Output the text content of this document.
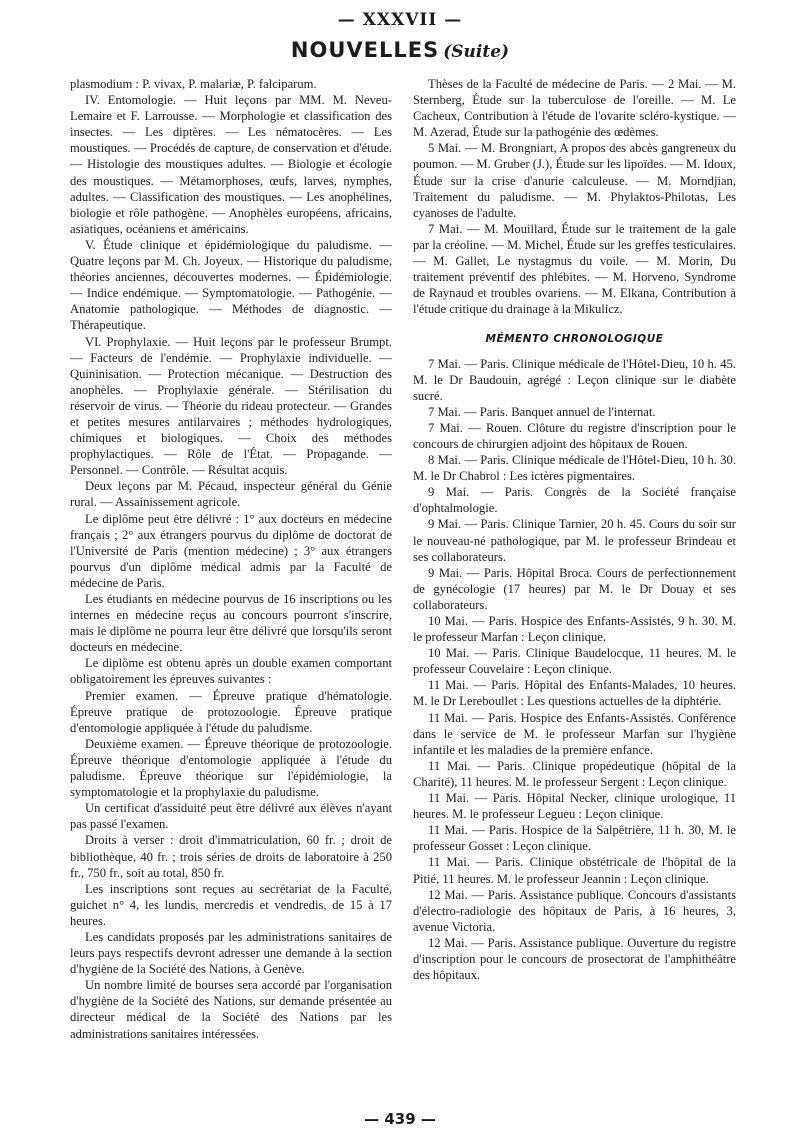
— XXXVII —
NOUVELLES (Suite)

plasmodium : P. vivax, P. malariæ, P. falciparum.

IV. Entomologie. — Huit leçons par MM. M. Neveu-Lemaire et F. Larrousse. — Morphologie et classification des insectes. — Les diptères. — Les nématocères. — Les moustiques. — Procédés de capture, de conservation et d'étude. — Histologie des moustiques adultes. — Biologie et écologie des moustiques. — Métamorphoses, œufs, larves, nymphes, adultes. — Classification des moustiques. — Les anophélines, biologie et rôle pathogène. — Anophèles européens, africains, asiatiques, océaniens et américains.

V. Étude clinique et épidémiologique du paludisme. — Quatre leçons par M. Ch. Joyeux. — Historique du paludisme, théories anciennes, découvertes modernes. — Épidémiologie. — Indice endémique. — Symptomatologie. — Pathogénie. — Anatomie pathologique. — Méthodes de diagnostic. — Thérapeutique.

VI. Prophylaxie. — Huit leçons par le professeur Brumpt. — Facteurs de l'endémie. — Prophylaxie individuelle. — Quininisation. — Protection mécanique. — Destruction des anophèles. — Prophylaxie générale. — Stérilisation du réservoir de virus. — Théorie du rideau protecteur. — Grandes et petites mesures antilarvaires ; méthodes hydrologiques, chimiques et biologiques. — Choix des méthodes prophylactiques. — Rôle de l'État. — Propagande. — Personnel. — Contrôle. — Résultat acquis.

Deux leçons par M. Pécaud, inspecteur général du Génie rural. — Assainissement agricole.

Le diplôme peut être délivré : 1° aux docteurs en médecine français ; 2° aux étrangers pourvus du diplôme de doctorat de l'Université de Paris (mention médecine) ; 3° aux étrangers pourvus d'un diplôme médical admis par la Faculté de médecine de Paris.

Les étudiants en médecine pourvus de 16 inscriptions ou les internes en médecine reçus au concours pourront s'inscrire, mais le diplôme ne pourra leur être délivré que lorsqu'ils seront docteurs en médecine.

Le diplôme est obtenu après un double examen comportant obligatoirement les épreuves suivantes :

Premier examen. — Épreuve pratique d'hématologie. Épreuve pratique de protozoologie. Épreuve pratique d'entomologie appliquée à l'étude du paludisme.

Deuxième examen. — Épreuve théorique de protozoologie. Épreuve théorique d'entomologie appliquée à l'étude du paludisme. Épreuve théorique sur l'épidémiologie, la symptomatologie et la prophylaxie du paludisme.

Un certificat d'assiduité peut être délivré aux élèves n'ayant pas passé l'examen.

Droits à verser : droit d'immatriculation, 60 fr. ; droit de bibliothèque, 40 fr. ; trois séries de droits de laboratoire à 250 fr., 750 fr., soit au total, 850 fr.

Les inscriptions sont reçues au secrétariat de la Faculté, guichet n° 4, les lundis, mercredis et vendredis, de 15 à 17 heures.

Les candidats proposés par les administrations sanitaires de leurs pays respectifs devront adresser une demande à la section d'hygiène de la Société des Nations, à Genève.

Un nombre limité de bourses sera accordé par l'organisation d'hygiène de la Société des Nations, sur demande présentée au directeur médical de la Société des Nations par les administrations sanitaires intéressées.

Thèses de la Faculté de médecine de Paris. — 2 Mai. — M. Sternberg, Étude sur la tuberculose de l'oreille. — M. Le Cacheux, Contribution à l'étude de l'ovarite scléro-kystique. — M. Azerad, Étude sur la pathogénie des œdèmes.

5 Mai. — M. Brongniart, A propos des abcès gangreneux du poumon. — M. Gruber (J.), Étude sur les lipoïdes. — M. Idoux, Étude sur la crise d'anurie calculeuse. — M. Morndjian, Traitement du paludisme. — M. Phylaktos-Philotas, Les cyanoses de l'adulte.

7 Mai. — M. Mouillard, Étude sur le traitement de la gale par la créoline. — M. Michel, Étude sur les greffes testiculaires. — M. Gallet, Le nystagmus du voile. — M. Morin, Du traitement préventif des phlébites. — M. Horveno, Syndrome de Raynaud et troubles ovariens. — M. Elkana, Contribution à l'étude critique du drainage à la Mikulicz.

MÉMENTO CHRONOLOGIQUE

7 Mai. — Paris. Clinique médicale de l'Hôtel-Dieu, 10 h. 45. M. le Dr Baudouin, agrégé : Leçon clinique sur le diabète sucré.

7 Mai. — Paris. Banquet annuel de l'internat.

7 Mai. — Rouen. Clôture du registre d'inscription pour le concours de chirurgien adjoint des hôpitaux de Rouen.

8 Mai. — Paris. Clinique médicale de l'Hôtel-Dieu, 10 h. 30. M. le Dr Chabrol : Les ictères pigmentaires.

9 Mai. — Paris. Congrès de la Société française d'ophtalmologie.

9 Mai. — Paris. Clinique Tarnier, 20 h. 45. Cours du soir sur le nouveau-né pathologique, par M. le professeur Brindeau et ses collaborateurs.

9 Mai. — Paris. Hôpital Broca. Cours de perfectionnement de gynécologie (17 heures) par M. le Dr Douay et ses collaborateurs.

10 Mai. — Paris. Hospice des Enfants-Assistés, 9 h. 30. M. le professeur Marfan : Leçon clinique.

10 Mai. — Paris. Clinique Baudelocque, 11 heures. M. le professeur Couvelaire : Leçon clinique.

11 Mai. — Paris. Hôpital des Enfants-Malades, 10 heures. M. le Dr Lereboullet : Les questions actuelles de la diphtérie.

11 Mai. — Paris. Hospice des Enfants-Assistés. Conférence dans le service de M. le professeur Marfan sur l'hygiène infantile et les maladies de la première enfance.

11 Mai. — Paris. Clinique propédeutique (hôpital de la Charité), 11 heures. M. le professeur Sergent : Leçon clinique.

11 Mai. — Paris. Hôpital Necker, clinique urologique, 11 heures. M. le professeur Legueu : Leçon clinique.

11 Mai. — Paris. Hospice de la Salpêtrière, 11 h. 30, M. le professeur Gosset : Leçon clinique.

11 Mai. — Paris. Clinique obstétricale de l'hôpital de la Pitié, 11 heures. M. le professeur Jeannin : Leçon clinique.

12 Mai. — Paris. Assistance publique. Concours d'assistants d'électro-radiologie des hôpitaux de Paris, à 16 heures, 3, avenue Victoria.

12 Mai. — Paris. Assistance publique. Ouverture du registre d'inscription pour le concours de prosectorat de l'amphithéâtre des hôpitaux.

— 439 —
